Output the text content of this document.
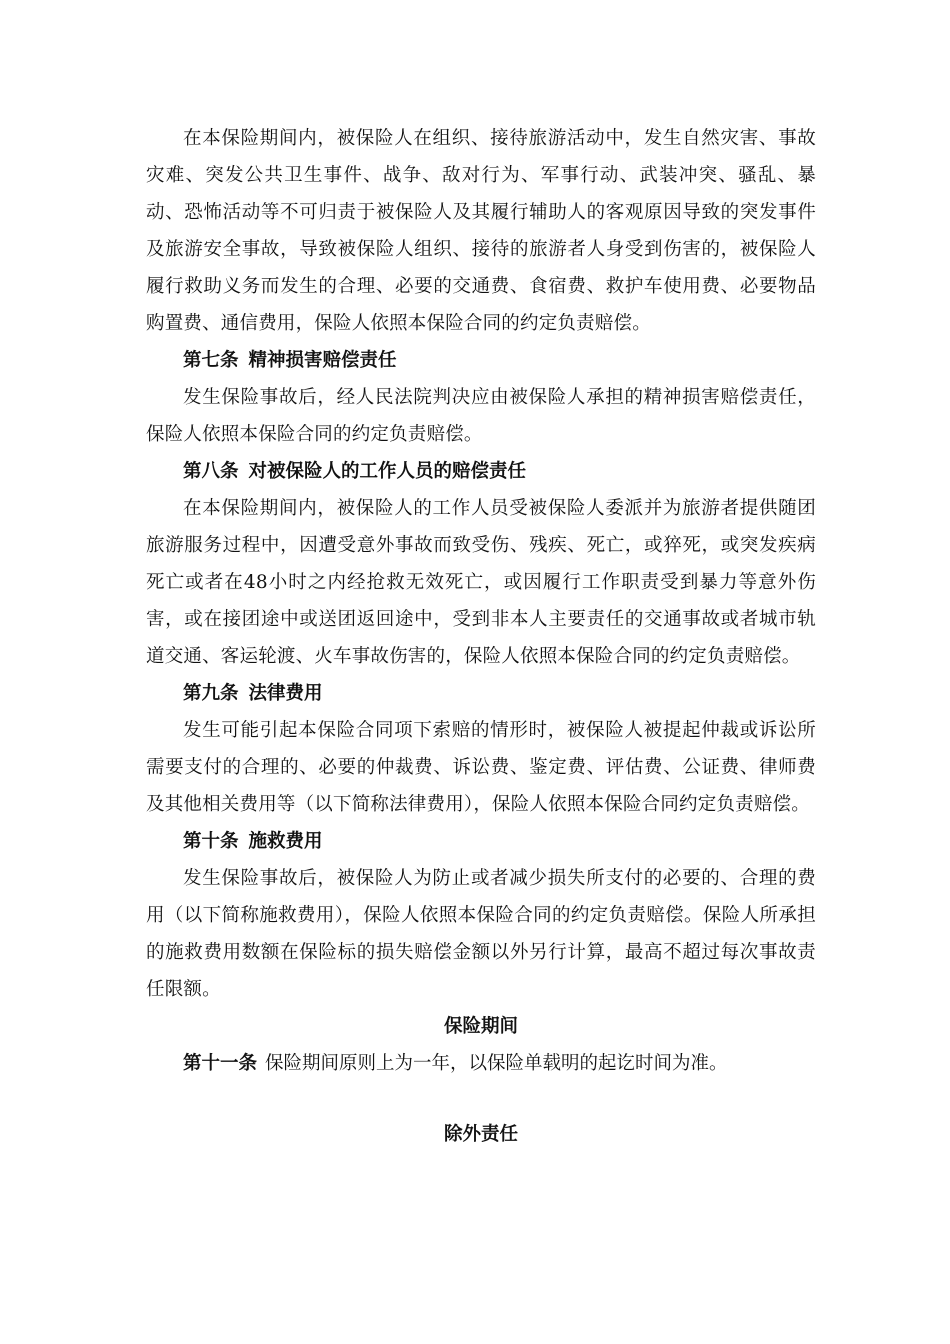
在本保险期间内，被保险人在组织、接待旅游活动中，发生自然灾害、事故灾难、突发公共卫生事件、战争、敌对行为、军事行动、武装冲突、骚乱、暴动、恐怖活动等不可归责于被保险人及其履行辅助人的客观原因导致的突发事件及旅游安全事故，导致被保险人组织、接待的旅游者人身受到伤害的，被保险人履行救助义务而发生的合理、必要的交通费、食宿费、救护车使用费、必要物品购置费、通信费用，保险人依照本保险合同的约定负责赔偿。

第七条 精神损害赔偿责任

发生保险事故后，经人民法院判决应由被保险人承担的精神损害赔偿责任，保险人依照本保险合同的约定负责赔偿。

第八条 对被保险人的工作人员的赔偿责任

在本保险期间内，被保险人的工作人员受被保险人委派并为旅游者提供随团旅游服务过程中，因遭受意外事故而致受伤、残疾、死亡，或猝死，或突发疾病死亡或者在48小时之内经抢救无效死亡，或因履行工作职责受到暴力等意外伤害，或在接团途中或送团返回途中，受到非本人主要责任的交通事故或者城市轨道交通、客运轮渡、火车事故伤害的，保险人依照本保险合同的约定负责赔偿。

第九条 法律费用

发生可能引起本保险合同项下索赔的情形时，被保险人被提起仲裁或诉讼所需要支付的合理的、必要的仲裁费、诉讼费、鉴定费、评估费、公证费、律师费及其他相关费用等（以下简称法律费用），保险人依照本保险合同约定负责赔偿。

第十条 施救费用

发生保险事故后，被保险人为防止或者减少损失所支付的必要的、合理的费用（以下简称施救费用），保险人依照本保险合同的约定负责赔偿。保险人所承担的施救费用数额在保险标的损失赔偿金额以外另行计算，最高不超过每次事故责任限额。

保险期间

第十一条 保险期间原则上为一年，以保险单载明的起讫时间为准。

除外责任
